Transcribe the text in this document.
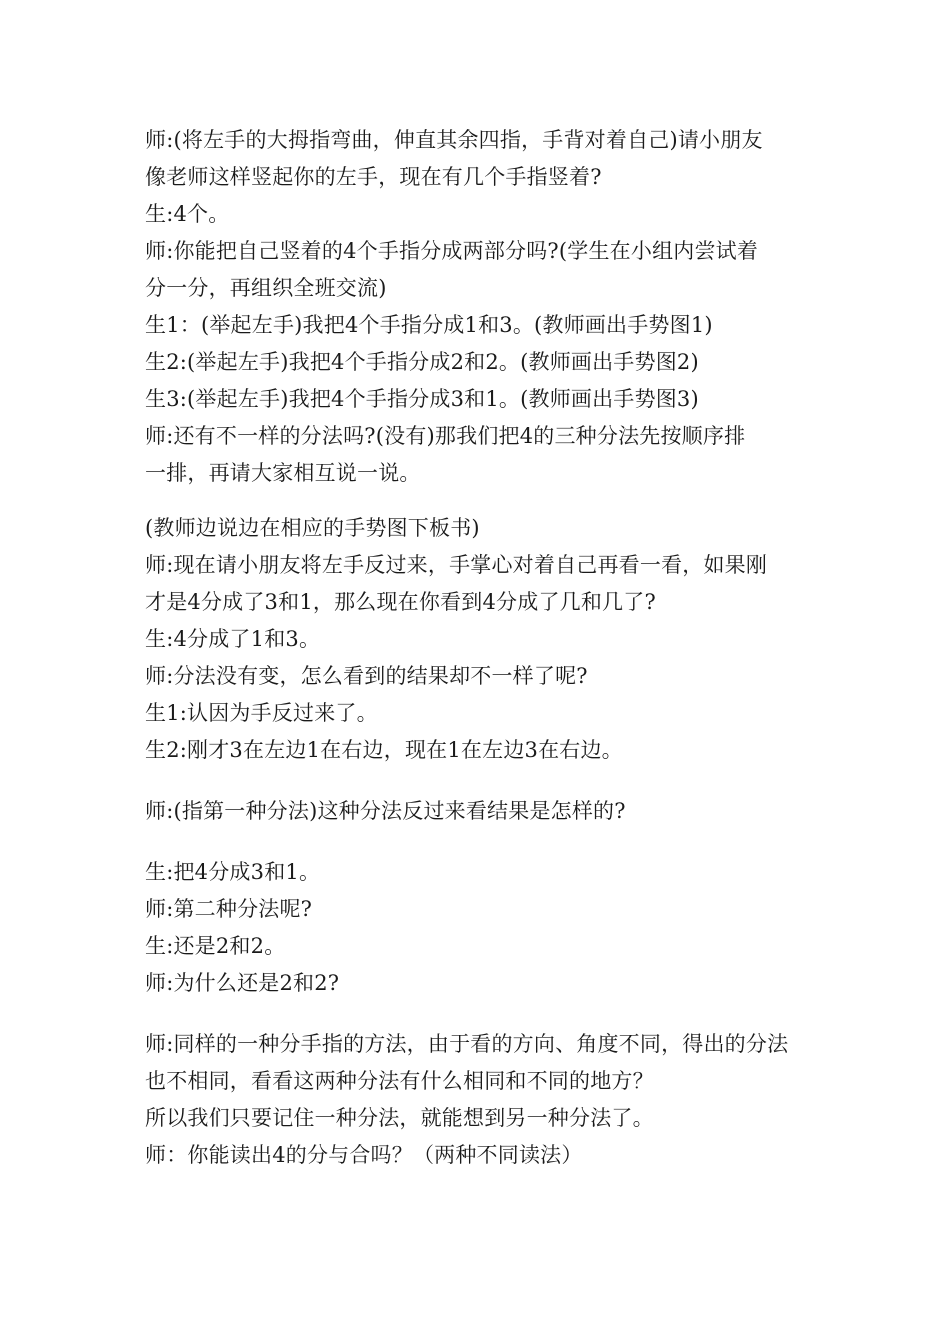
师:(将左手的大拇指弯曲，伸直其余四指，手背对着自己)请小朋友
像老师这样竖起你的左手，现在有几个手指竖着?
生:4个。
师:你能把自己竖着的4个手指分成两部分吗?(学生在小组内尝试着
分一分，再组织全班交流)
生1：(举起左手)我把4个手指分成1和3。(教师画出手势图1)
生2:(举起左手)我把4个手指分成2和2。(教师画出手势图2)
生3:(举起左手)我把4个手指分成3和1。(教师画出手势图3)
师:还有不一样的分法吗?(没有)那我们把4的三种分法先按顺序排
一排，再请大家相互说一说。
(教师边说边在相应的手势图下板书)
师:现在请小朋友将左手反过来，手掌心对着自己再看一看，如果刚
才是4分成了3和1，那么现在你看到4分成了几和几了?
生:4分成了1和3。
师:分法没有变，怎么看到的结果却不一样了呢?
生1:认因为手反过来了。
生2:刚才3在左边1在右边，现在1在左边3在右边。
师:(指第一种分法)这种分法反过来看结果是怎样的?
生:把4分成3和1。
师:第二种分法呢?
生:还是2和2。
师:为什么还是2和2?
师:同样的一种分手指的方法，由于看的方向、角度不同，得出的分法
也不相同，看看这两种分法有什么相同和不同的地方？
所以我们只要记住一种分法，就能想到另一种分法了。
师：你能读出4的分与合吗？（两种不同读法）
